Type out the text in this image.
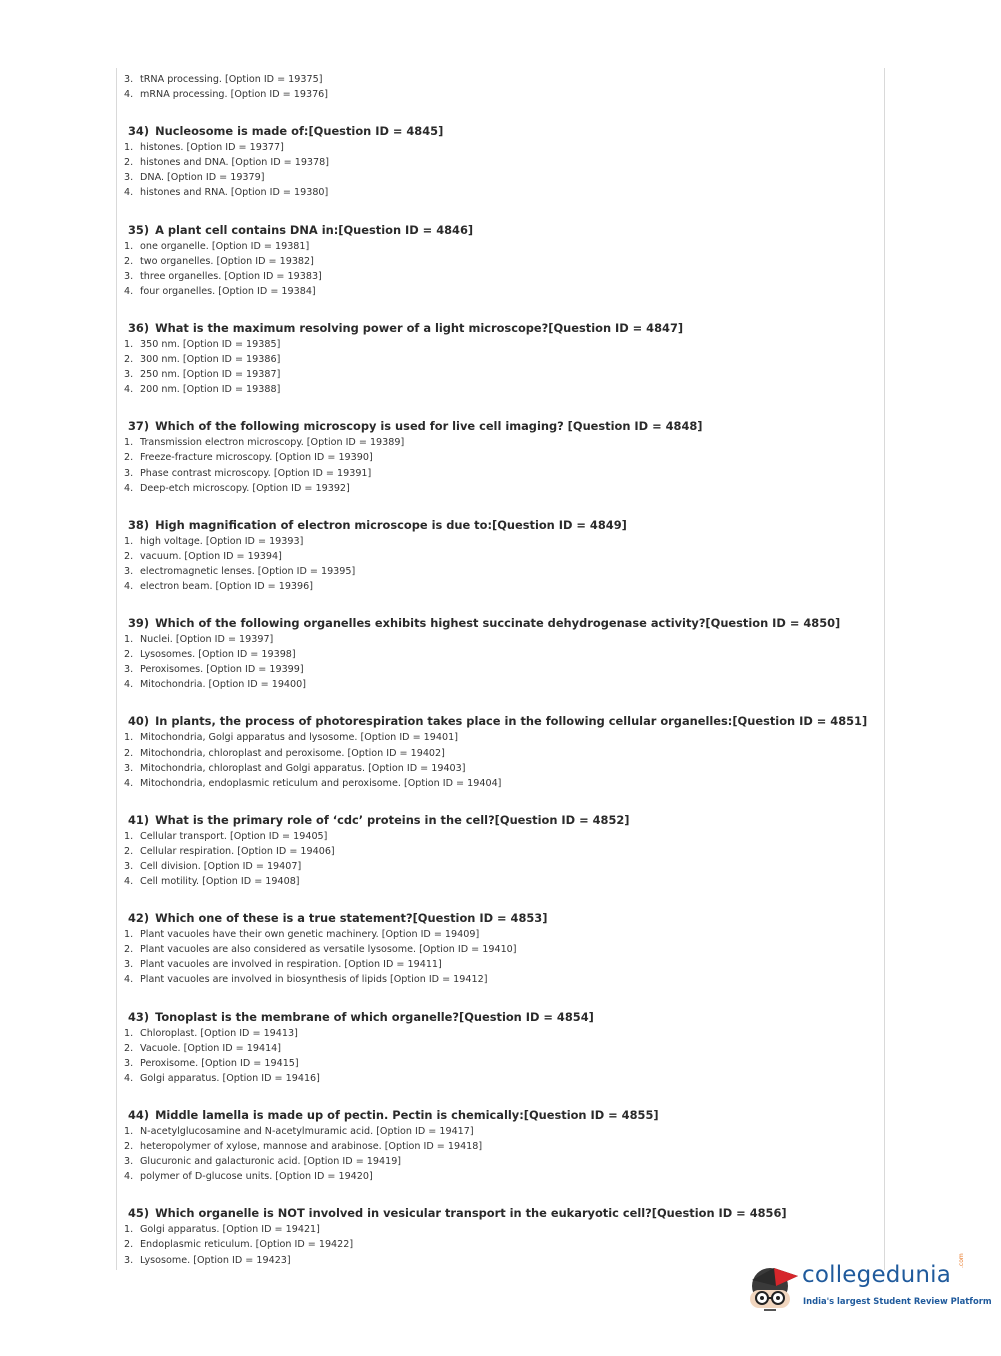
3. tRNA processing. [Option ID = 19375]
4. mRNA processing. [Option ID = 19376]
34) Nucleosome is made of:[Question ID = 4845]
1. histones. [Option ID = 19377]
2. histones and DNA. [Option ID = 19378]
3. DNA. [Option ID = 19379]
4. histones and RNA. [Option ID = 19380]
35) A plant cell contains DNA in:[Question ID = 4846]
1. one organelle. [Option ID = 19381]
2. two organelles. [Option ID = 19382]
3. three organelles. [Option ID = 19383]
4. four organelles. [Option ID = 19384]
36) What is the maximum resolving power of a light microscope?[Question ID = 4847]
1. 350 nm. [Option ID = 19385]
2. 300 nm. [Option ID = 19386]
3. 250 nm. [Option ID = 19387]
4. 200 nm. [Option ID = 19388]
37) Which of the following microscopy is used for live cell imaging? [Question ID = 4848]
1. Transmission electron microscopy. [Option ID = 19389]
2. Freeze-fracture microscopy. [Option ID = 19390]
3. Phase contrast microscopy. [Option ID = 19391]
4. Deep-etch microscopy. [Option ID = 19392]
38) High magnification of electron microscope is due to:[Question ID = 4849]
1. high voltage. [Option ID = 19393]
2. vacuum. [Option ID = 19394]
3. electromagnetic lenses. [Option ID = 19395]
4. electron beam. [Option ID = 19396]
39) Which of the following organelles exhibits highest succinate dehydrogenase activity?[Question ID = 4850]
1. Nuclei. [Option ID = 19397]
2. Lysosomes. [Option ID = 19398]
3. Peroxisomes. [Option ID = 19399]
4. Mitochondria. [Option ID = 19400]
40) In plants, the process of photorespiration takes place in the following cellular organelles:[Question ID = 4851]
1. Mitochondria, Golgi apparatus and lysosome. [Option ID = 19401]
2. Mitochondria, chloroplast and peroxisome. [Option ID = 19402]
3. Mitochondria, chloroplast and Golgi apparatus. [Option ID = 19403]
4. Mitochondria, endoplasmic reticulum and peroxisome. [Option ID = 19404]
41) What is the primary role of ‘cdc’ proteins in the cell?[Question ID = 4852]
1. Cellular transport. [Option ID = 19405]
2. Cellular respiration. [Option ID = 19406]
3. Cell division. [Option ID = 19407]
4. Cell motility. [Option ID = 19408]
42) Which one of these is a true statement?[Question ID = 4853]
1. Plant vacuoles have their own genetic machinery. [Option ID = 19409]
2. Plant vacuoles are also considered as versatile lysosome. [Option ID = 19410]
3. Plant vacuoles are involved in respiration. [Option ID = 19411]
4. Plant vacuoles are involved in biosynthesis of lipids [Option ID = 19412]
43) Tonoplast is the membrane of which organelle?[Question ID = 4854]
1. Chloroplast. [Option ID = 19413]
2. Vacuole. [Option ID = 19414]
3. Peroxisome. [Option ID = 19415]
4. Golgi apparatus. [Option ID = 19416]
44) Middle lamella is made up of pectin. Pectin is chemically:[Question ID = 4855]
1. N-acetylglucosamine and N-acetylmuramic acid. [Option ID = 19417]
2. heteropolymer of xylose, mannose and arabinose. [Option ID = 19418]
3. Glucuronic and galacturonic acid. [Option ID = 19419]
4. polymer of D-glucose units. [Option ID = 19420]
45) Which organelle is NOT involved in vesicular transport in the eukaryotic cell?[Question ID = 4856]
1. Golgi apparatus. [Option ID = 19421]
2. Endoplasmic reticulum. [Option ID = 19422]
3. Lysosome. [Option ID = 19423]
collegedunia
.com
India's largest Student Review Platform
